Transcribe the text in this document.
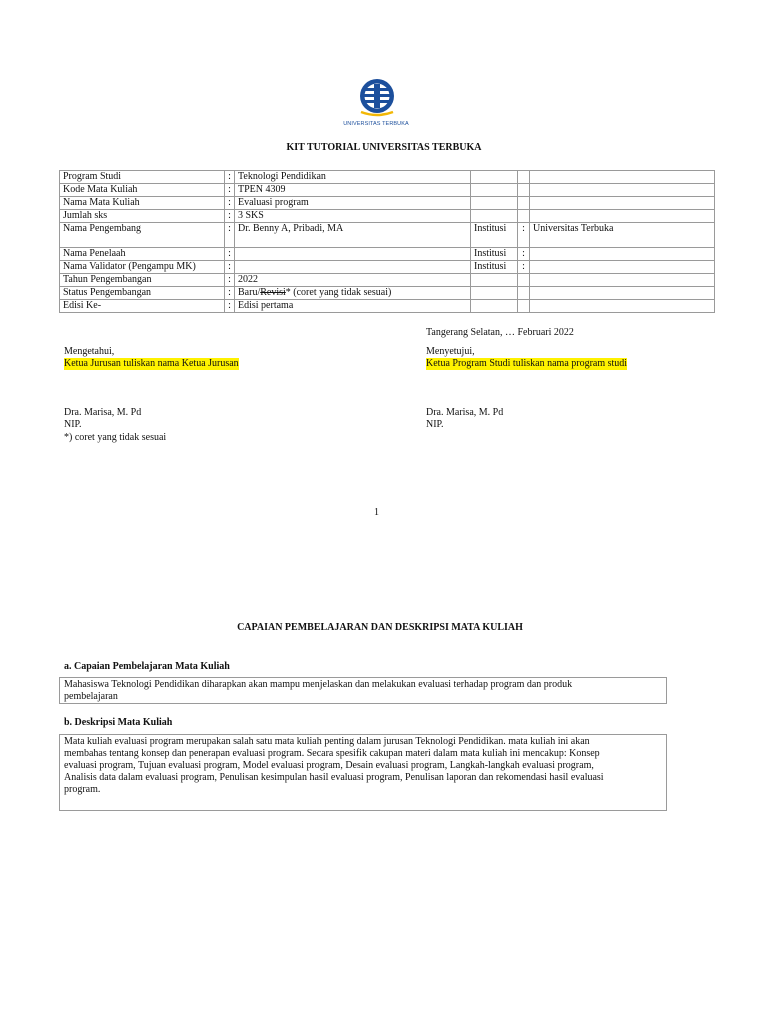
UNIVERSITAS TERBUKA
KIT TUTORIAL UNIVERSITAS TERBUKA
Program Studi	:	Teknologi Pendidikan			
Kode Mata Kuliah	:	TPEN 4309			
Nama Mata Kuliah	:	Evaluasi program			
Jumlah sks	:	3 SKS			
Nama Pengembang	:	Dr. Benny A, Pribadi, MA	Institusi	:	Universitas Terbuka
Nama Penelaah	:		Institusi	:	
Nama Validator (Pengampu MK)	:		Institusi	:	
Tahun Pengembangan	:	2022			
Status Pengembangan	:	Baru/Revisi* (coret yang tidak sesuai)			
Edisi Ke-	:	Edisi pertama			
Tangerang Selatan, … Februari 2022
Mengetahui,
Ketua Jurusan tuliskan nama Ketua Jurusan
Dra. Marisa, M. Pd
NIP.
*) coret yang tidak sesuai
Menyetujui,
Ketua Program Studi tuliskan nama program studi
Dra. Marisa, M. Pd
NIP.
1
CAPAIAN PEMBELAJARAN DAN DESKRIPSI MATA KULIAH
a. Capaian Pembelajaran Mata Kuliah
Mahasiswa Teknologi Pendidikan diharapkan akan mampu menjelaskan dan melakukan evaluasi terhadap program dan produk
pembelajaran
b. Deskripsi Mata Kuliah
Mata kuliah evaluasi program merupakan salah satu mata kuliah penting dalam jurusan Teknologi Pendidikan. mata kuliah ini akan
membahas tentang konsep dan penerapan evaluasi program. Secara spesifik cakupan materi dalam mata kuliah ini mencakup: Konsep
evaluasi program, Tujuan evaluasi program, Model evaluasi program, Desain evaluasi program, Langkah-langkah evaluasi program,
Analisis data dalam evaluasi program, Penulisan kesimpulan hasil evaluasi program, Penulisan laporan dan rekomendasi hasil evaluasi
program.
